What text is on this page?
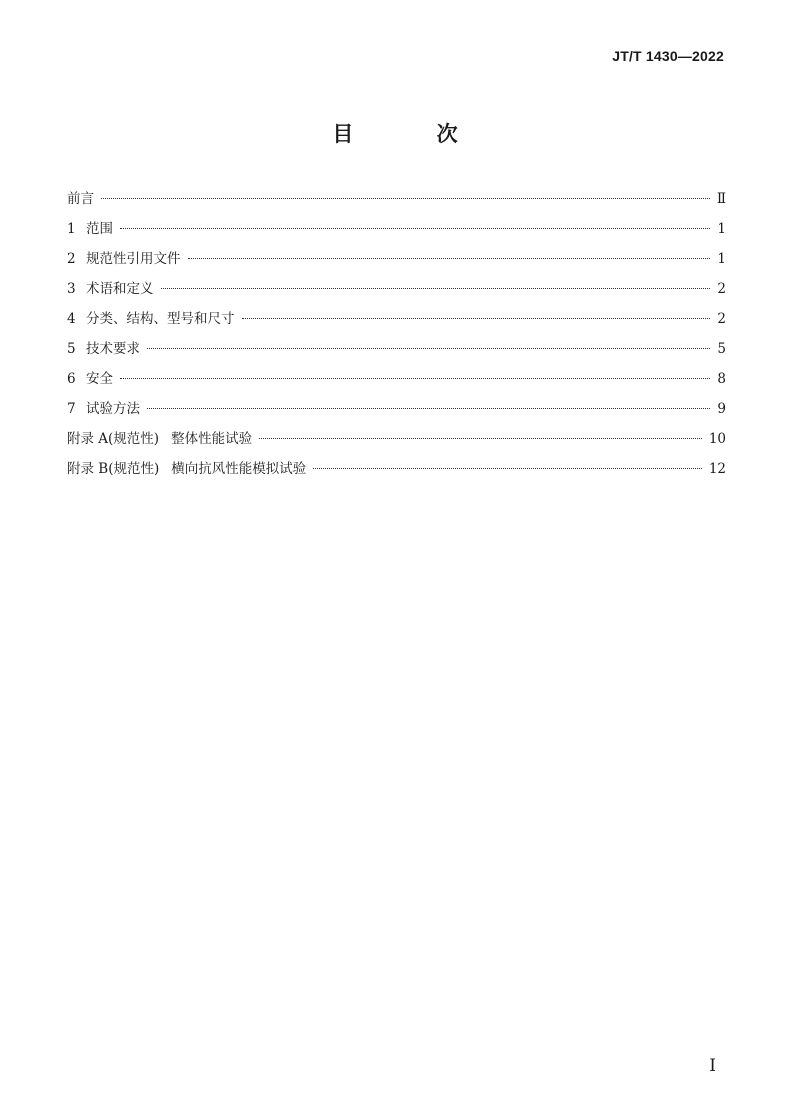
JT/T 1430—2022
目 次
前言	Ⅱ
1 范围	1
2 规范性引用文件	1
3 术语和定义	2
4 分类、结构、型号和尺寸	2
5 技术要求	5
6 安全	8
7 试验方法	9
附录 A(规范性) 整体性能试验	10
附录 B(规范性) 横向抗风性能模拟试验	12
I
